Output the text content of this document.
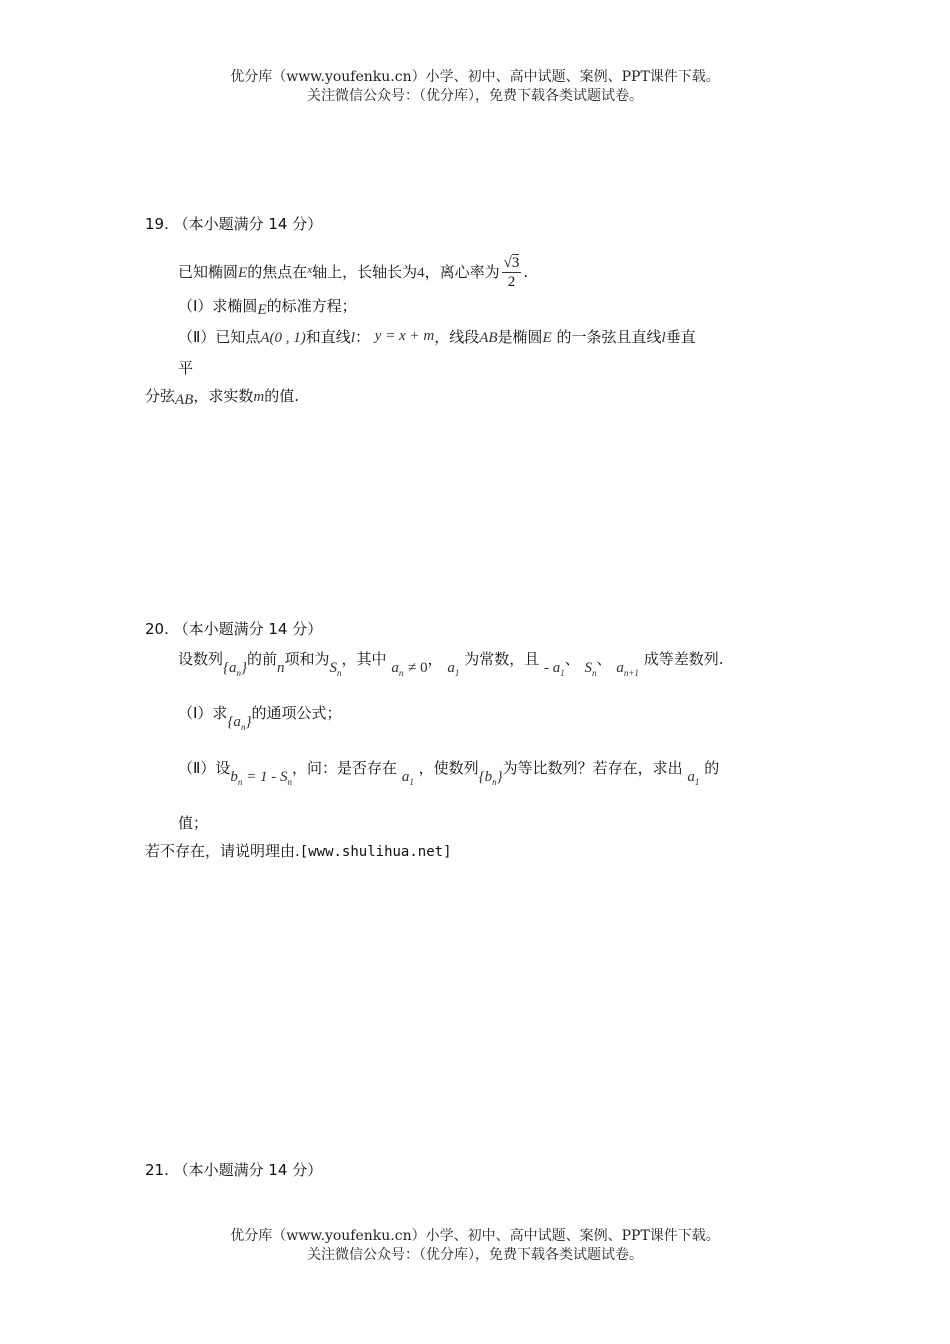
优分库（www.youfenku.cn）小学、初中、高中试题、案例、PPT课件下载。
关注微信公众号：（优分库），免费下载各类试题试卷。
19. （本小题满分 14 分）
已知椭圆E的焦点在$^x$轴上，长轴长为4，离心率为 $\frac{√3}{2}$ .
（Ⅰ）求椭圆E的标准方程；
（Ⅱ）已知点A(0 , 1)和直线l： y = x + m，线段AB是椭圆E 的一条弦且直线l垂直
平
分弦AB，求实数m的值.
20. （本小题满分 14 分）
设数列$\{a_n\}$的前n项和为$S_n$，其中 $a_n \ne 0$， $a_1$ 为常数，且 - $a_1$、 $S_n$、 $a_{n+1}$ 成等差数列.
（Ⅰ）求$\{a_n\}$的通项公式；
（Ⅱ）设$b_n = 1 - S_n$，问：是否存在 $a_1$ ，使数列$\{b_n\}$为等比数列？若存在，求出 $a_1$ 的
值；
若不存在，请说明理由.[www.shulihua.net]
21. （本小题满分 14 分）
优分库（www.youfenku.cn）小学、初中、高中试题、案例、PPT课件下载。
关注微信公众号：（优分库），免费下载各类试题试卷。
